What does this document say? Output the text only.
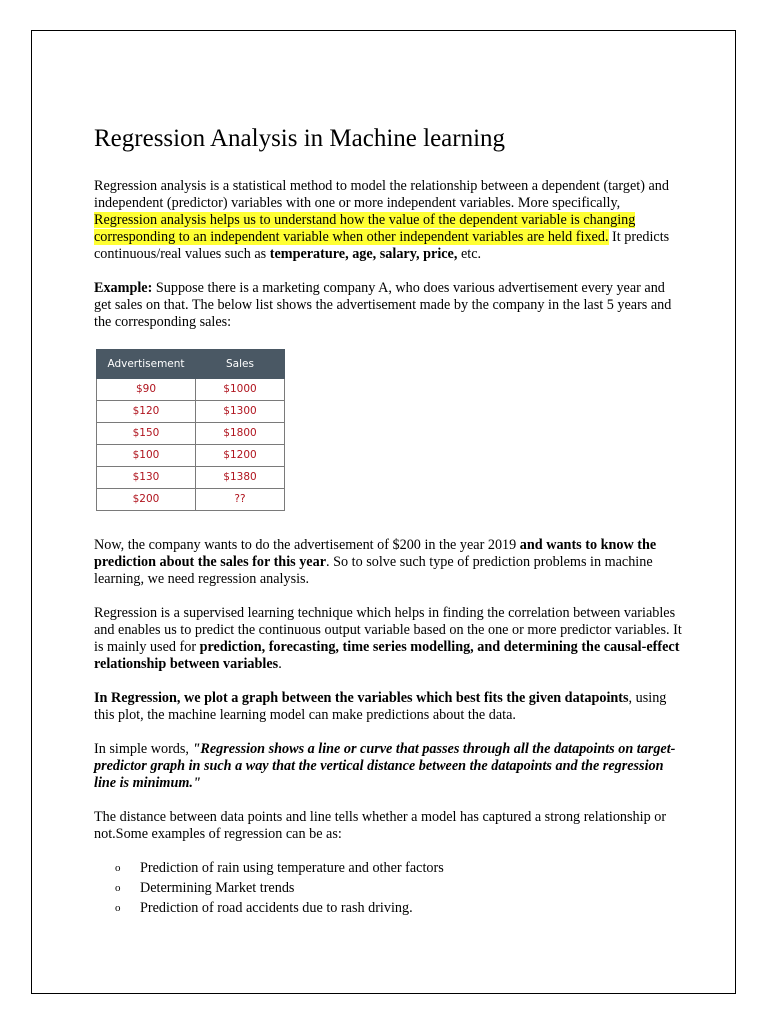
Regression Analysis in Machine learning

Regression analysis is a statistical method to model the relationship between a dependent (target) and independent (predictor) variables with one or more independent variables. More specifically, Regression analysis helps us to understand how the value of the dependent variable is changing corresponding to an independent variable when other independent variables are held fixed. It predicts continuous/real values such as temperature, age, salary, price, etc.

Example: Suppose there is a marketing company A, who does various advertisement every year and get sales on that. The below list shows the advertisement made by the company in the last 5 years and the corresponding sales:

Advertisement	Sales
$90	$1000
$120	$1300
$150	$1800
$100	$1200
$130	$1380
$200	??

Now, the company wants to do the advertisement of $200 in the year 2019 and wants to know the prediction about the sales for this year. So to solve such type of prediction problems in machine learning, we need regression analysis.

Regression is a supervised learning technique which helps in finding the correlation between variables and enables us to predict the continuous output variable based on the one or more predictor variables. It is mainly used for prediction, forecasting, time series modelling, and determining the causal-effect relationship between variables.

In Regression, we plot a graph between the variables which best fits the given datapoints, using this plot, the machine learning model can make predictions about the data.

In simple words, "Regression shows a line or curve that passes through all the datapoints on target-predictor graph in such a way that the vertical distance between the datapoints and the regression line is minimum."

The distance between data points and line tells whether a model has captured a strong relationship or not.Some examples of regression can be as:

o Prediction of rain using temperature and other factors
o Determining Market trends
o Prediction of road accidents due to rash driving.
